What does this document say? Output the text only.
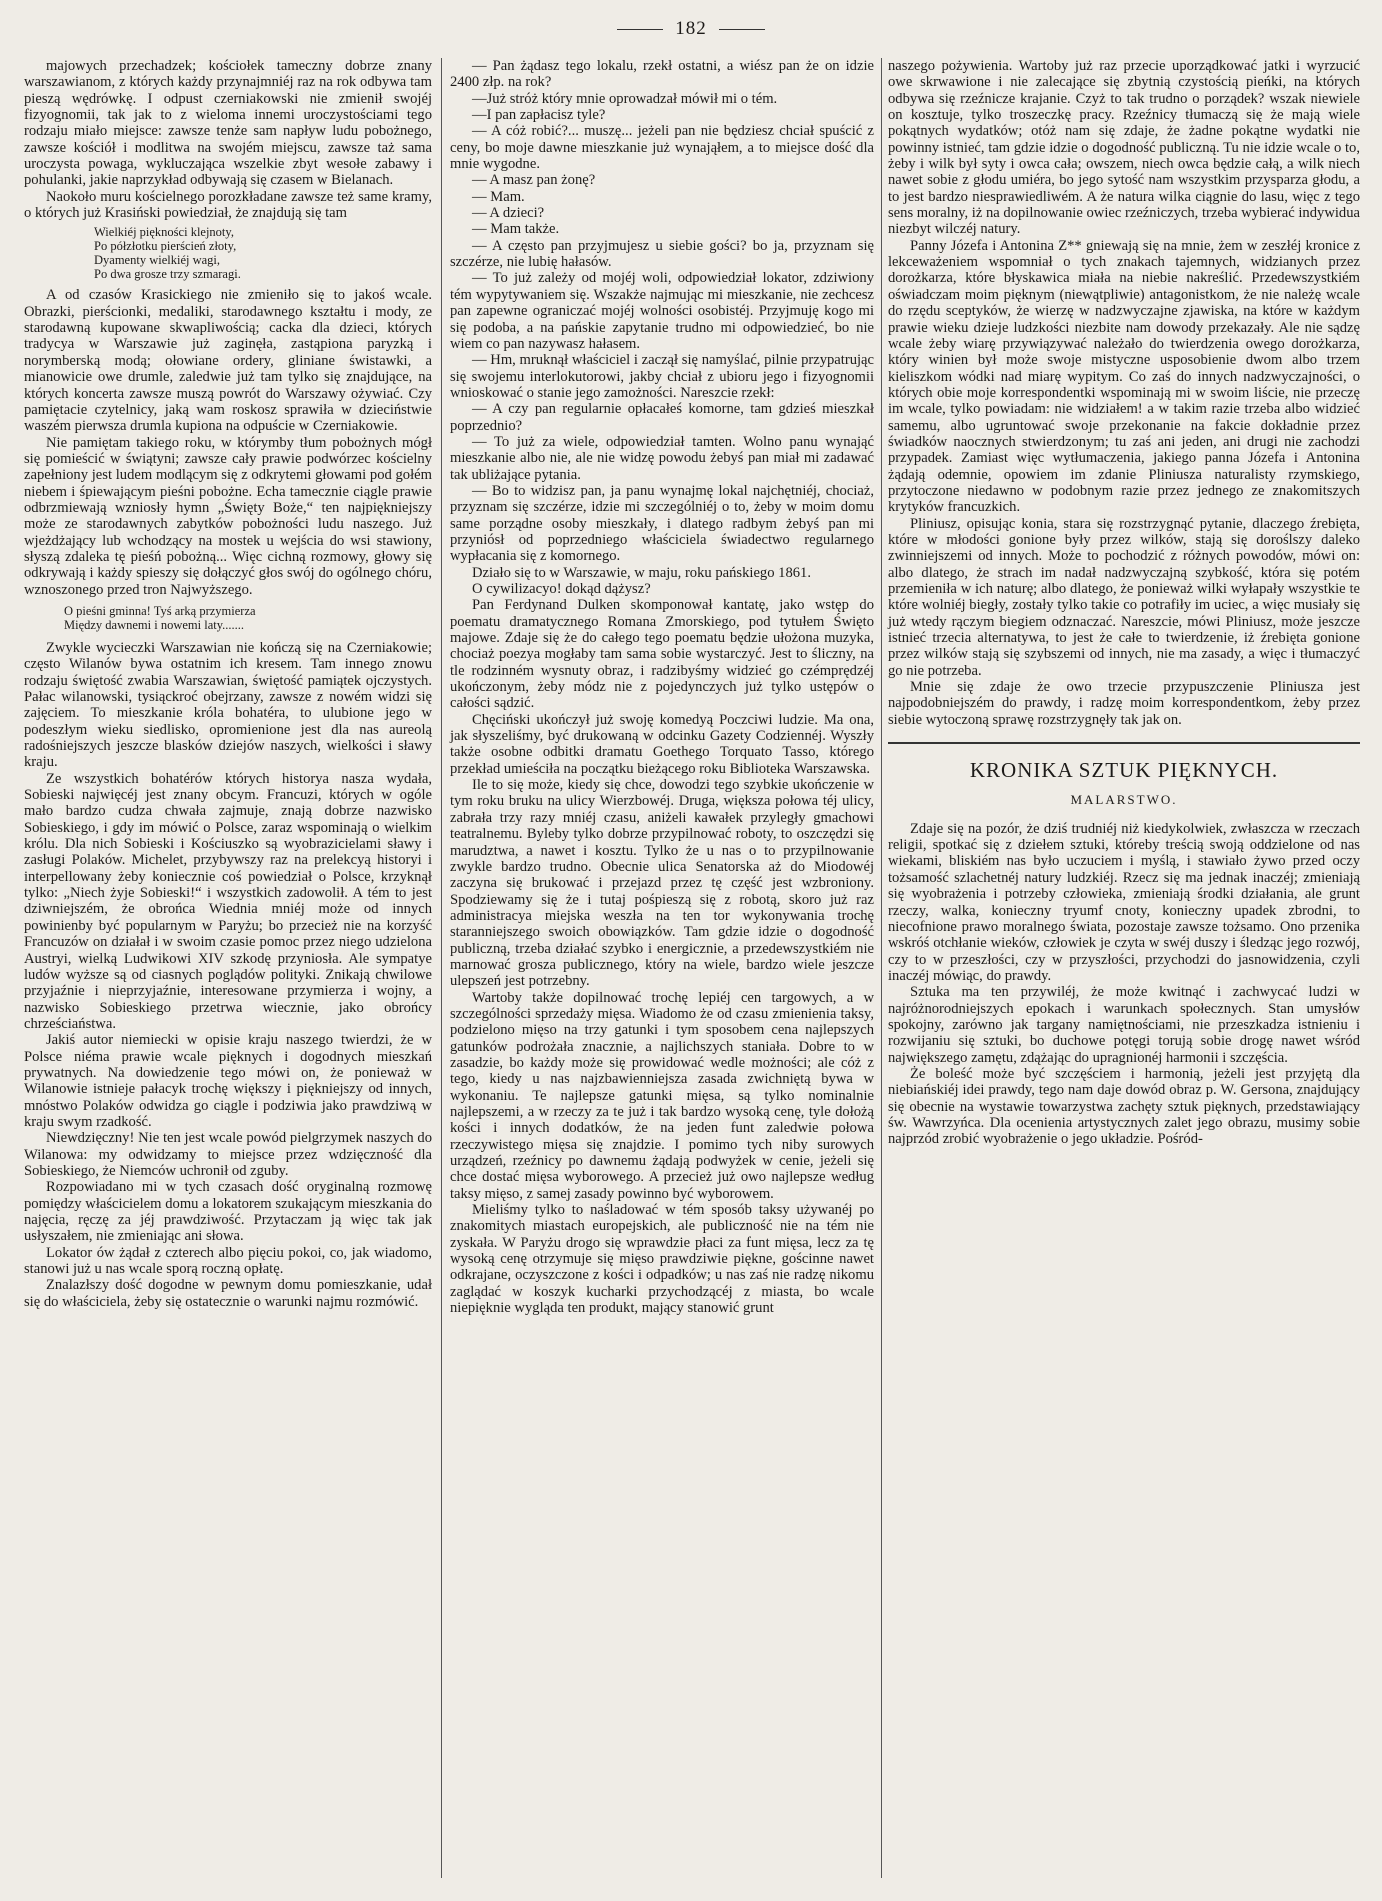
182

majowych przechadzek; kościołek tameczny dobrze znany warszawianom, z których każdy przynajmniéj raz na rok odbywa tam pieszą wędrówkę. I odpust czerniakowski nie zmienił swojéj fizyognomii, tak jak to z wieloma innemi uroczystościami tego rodzaju miało miejsce: zawsze tenże sam napływ ludu pobożnego, zawsze kościół i modlitwa na swojém miejscu, zawsze taż sama uroczysta powaga, wykluczająca wszelkie zbyt wesołe zabawy i pohulanki, jakie naprzykład odbywają się czasem w Bielanach.

Naokoło muru kościelnego porozkładane zawsze też same kramy, o których już Krasiński powiedział, że znajdują się tam

Wielkiéj piękności klejnoty,
Po półzłotku pierścień złoty,
Dyamenty wielkiéj wagi,
Po dwa grosze trzy szmaragi.

A od czasów Krasickiego nie zmieniło się to jakoś wcale. Obrazki, pierścionki, medaliki, starodawnego kształtu i mody, ze starodawną kupowane skwapliwością; cacka dla dzieci, których tradycya w Warszawie już zaginęła, zastąpiona paryzką i norymberską modą; ołowiane ordery, gliniane świstawki, a mianowicie owe drumle, zaledwie już tam tylko się znajdujące, na których koncerta zawsze muszą powrót do Warszawy ożywiać. Czy pamiętacie czytelnicy, jaką wam roskosz sprawiła w dzieciństwie waszém pierwsza drumla kupiona na odpuście w Czerniakowie.

Nie pamiętam takiego roku, w którymby tłum pobożnych mógł się pomieścić w świątyni; zawsze cały prawie podwórzec kościelny zapełniony jest ludem modlącym się z odkrytemi głowami pod gołém niebem i śpiewającym pieśni pobożne. Echa tamecznie ciągle prawie odbrzmiewają wzniosły hymn „Święty Boże,“ ten najpiękniejszy może ze starodawnych zabytków pobożności ludu naszego. Już wjeżdżający lub wchodzący na mostek u wejścia do wsi stawiony, słyszą zdaleka tę pieśń pobożną... Więc cichną rozmowy, głowy się odkrywają i każdy spieszy się dołączyć głos swój do ogólnego chóru, wznoszonego przed tron Najwyższego.

O pieśni gminna! Tyś arką przymierza
Między dawnemi i nowemi laty.......

Zwykle wycieczki Warszawian nie kończą się na Czerniakowie; często Wilanów bywa ostatnim ich kresem. Tam innego znowu rodzaju świętość zwabia Warszawian, świętość pamiątek ojczystych. Pałac wilanowski, tysiąckroć obejrzany, zawsze z nowém widzi się zajęciem. To mieszkanie króla bohatéra, to ulubione jego w podeszłym wieku siedlisko, opromienione jest dla nas aureolą radośniejszych jeszcze blasków dziejów naszych, wielkości i sławy kraju.

Ze wszystkich bohatérów których historya nasza wydała, Sobieski najwięcéj jest znany obcym. Francuzi, których w ogóle mało bardzo cudza chwała zajmuje, znają dobrze nazwisko Sobieskiego, i gdy im mówić o Polsce, zaraz wspominają o wielkim królu. Dla nich Sobieski i Kościuszko są wyobrazicielami sławy i zasługi Polaków. Michelet, przybywszy raz na prelekcyą historyi i interpellowany żeby koniecznie coś powiedział o Polsce, krzyknął tylko: „Niech żyje Sobieski!“ i wszystkich zadowolił. A tém to jest dziwniejszém, że obrońca Wiednia mniéj może od innych powinienby być popularnym w Paryżu; bo przecież nie na korzyść Francuzów on działał i w swoim czasie pomoc przez niego udzielona Austryi, wielką Ludwikowi XIV szkodę przyniosła. Ale sympatye ludów wyższe są od ciasnych poglądów polityki. Znikają chwilowe przyjaźnie i nieprzyjaźnie, interesowane przymierza i wojny, a nazwisko Sobieskiego przetrwa wiecznie, jako obrońcy chrześciaństwa.

Jakiś autor niemiecki w opisie kraju naszego twierdzi, że w Polsce niéma prawie wcale pięknych i dogodnych mieszkań prywatnych. Na dowiedzenie tego mówi on, że ponieważ w Wilanowie istnieje pałacyk trochę większy i piękniejszy od innych, mnóstwo Polaków odwidza go ciągle i podziwia jako prawdziwą w kraju swym rzadkość.

Niewdzięczny! Nie ten jest wcale powód pielgrzymek naszych do Wilanowa: my odwidzamy to miejsce przez wdzięczność dla Sobieskiego, że Niemców uchronił od zguby.

Rozpowiadano mi w tych czasach dość oryginalną rozmowę pomiędzy właścicielem domu a lokatorem szukającym mieszkania do najęcia, ręczę za jéj prawdziwość. Przytaczam ją więc tak jak usłyszałem, nie zmieniając ani słowa.

Lokator ów żądał z czterech albo pięciu pokoi, co, jak wiadomo, stanowi już u nas wcale sporą roczną opłatę.

Znalazłszy dość dogodne w pewnym domu pomieszkanie, udał się do właściciela, żeby się ostatecznie o warunki najmu rozmówić.

— Pan żądasz tego lokalu, rzekł ostatni, a wiész pan że on idzie 2400 złp. na rok?

—Już stróż który mnie oprowadzał mówił mi o tém.

—I pan zapłacisz tyle?

— A cóż robić?... muszę... jeżeli pan nie będziesz chciał spuścić z ceny, bo moje dawne mieszkanie już wynająłem, a to miejsce dość dla mnie wygodne.

— A masz pan żonę?

— Mam.

— A dzieci?

— Mam także.

— A często pan przyjmujesz u siebie gości? bo ja, przyznam się szczérze, nie lubię hałasów.

— To już zależy od mojéj woli, odpowiedział lokator, zdziwiony tém wypytywaniem się. Wszakże najmując mi mieszkanie, nie zechcesz pan zapewne ograniczać mojéj wolności osobistéj. Przyjmuję kogo mi się podoba, a na pańskie zapytanie trudno mi odpowiedzieć, bo nie wiem co pan nazywasz hałasem.

— Hm, mruknął właściciel i zaczął się namyślać, pilnie przypatrując się swojemu interlokutorowi, jakby chciał z ubioru jego i fizyognomii wnioskować o stanie jego zamożności. Nareszcie rzekł:

— A czy pan regularnie opłacałeś komorne, tam gdzieś mieszkał poprzednio?

— To już za wiele, odpowiedział tamten. Wolno panu wynająć mieszkanie albo nie, ale nie widzę powodu żebyś pan miał mi zadawać tak ubliżające pytania.

— Bo to widzisz pan, ja panu wynajmę lokal najchętniéj, chociaż, przyznam się szczérze, idzie mi szczególniéj o to, żeby w moim domu same porządne osoby mieszkały, i dlatego radbym żebyś pan mi przyniósł od poprzedniego właściciela świadectwo regularnego wypłacania się z komornego.

Działo się to w Warszawie, w maju, roku pańskiego 1861.

O cywilizacyo! dokąd dążysz?

Pan Ferdynand Dulken skomponował kantatę, jako wstęp do poematu dramatycznego Romana Zmorskiego, pod tytułem Święto majowe. Zdaje się że do całego tego poematu będzie ułożona muzyka, chociaż poezya mogłaby tam sama sobie wystarczyć. Jest to śliczny, na tle rodzinném wysnuty obraz, i radzibyśmy widzieć go czémprędzéj ukończonym, żeby módz nie z pojedynczych już tylko ustępów o całości sądzić.

Chęciński ukończył już swoję komedyą Poczciwi ludzie. Ma ona, jak słyszeliśmy, być drukowaną w odcinku Gazety Codziennéj. Wyszły także osobne odbitki dramatu Goethego Torquato Tasso, którego przekład umieściła na początku bieżącego roku Biblioteka Warszawska.

Ile to się może, kiedy się chce, dowodzi tego szybkie ukończenie w tym roku bruku na ulicy Wierzbowéj. Druga, większa połowa téj ulicy, zabrała trzy razy mniéj czasu, aniżeli kawałek przyległy gmachowi teatralnemu. Byleby tylko dobrze przypilnować roboty, to oszczędzi się marudztwa, a nawet i kosztu. Tylko że u nas o to przypilnowanie zwykle bardzo trudno. Obecnie ulica Senatorska aż do Miodowéj zaczyna się brukować i przejazd przez tę część jest wzbroniony. Spodziewamy się że i tutaj pośpieszą się z robotą, skoro już raz administracya miejska weszła na ten tor wykonywania trochę staranniejszego swoich obowiązków. Tam gdzie idzie o dogodność publiczną, trzeba działać szybko i energicznie, a przedewszystkiém nie marnować grosza publicznego, który na wiele, bardzo wiele jeszcze ulepszeń jest potrzebny.

Wartoby także dopilnować trochę lepiéj cen targowych, a w szczególności sprzedaży mięsa. Wiadomo że od czasu zmienienia taksy, podzielono mięso na trzy gatunki i tym sposobem cena najlepszych gatunków podrożała znacznie, a najlichszych staniała. Dobre to w zasadzie, bo każdy może się prowidować wedle możności; ale cóż z tego, kiedy u nas najzbawienniejsza zasada zwichniętą bywa w wykonaniu. Te najlepsze gatunki mięsa, są tylko nominalnie najlepszemi, a w rzeczy za te już i tak bardzo wysoką cenę, tyle dołożą kości i innych dodatków, że na jeden funt zaledwie połowa rzeczywistego mięsa się znajdzie. I pomimo tych niby surowych urządzeń, rzeźnicy po dawnemu żądają podwyżek w cenie, jeżeli się chce dostać mięsa wyborowego. A przecież już owo najlepsze według taksy mięso, z samej zasady powinno być wyborowem.

Mieliśmy tylko to naśladować w tém sposób taksy używanéj po znakomitych miastach europejskich, ale publiczność nie na tém nie zyskała. W Paryżu drogo się wprawdzie płaci za funt mięsa, lecz za tę wysoką cenę otrzymuje się mięso prawdziwie piękne, gościnne nawet odkrajane, oczyszczone z kości i odpadków; u nas zaś nie radzę nikomu zaglądać w koszyk kucharki przychodzącéj z miasta, bo wcale niepięknie wygląda ten produkt, mający stanowić grunt

naszego pożywienia. Wartoby już raz przecie uporządkować jatki i wyrzucić owe skrwawione i nie zalecające się zbytnią czystością pieńki, na których odbywa się rzeźnicze krajanie. Czyż to tak trudno o porządek? wszak niewiele on kosztuje, tylko troszeczkę pracy. Rzeźnicy tłumaczą się że mają wiele pokątnych wydatków; otóż nam się zdaje, że żadne pokątne wydatki nie powinny istnieć, tam gdzie idzie o dogodność publiczną. Tu nie idzie wcale o to, żeby i wilk był syty i owca cała; owszem, niech owca będzie całą, a wilk niech nawet sobie z głodu umiéra, bo jego sytość nam wszystkim przysparza głodu, a to jest bardzo niesprawiedliwém. A że natura wilka ciągnie do lasu, więc z tego sens moralny, iż na dopilnowanie owiec rzeźniczych, trzeba wybierać indywidua niezbyt wilczéj natury.

Panny Józefa i Antonina Z** gniewają się na mnie, żem w zeszłéj kronice z lekceważeniem wspomniał o tych znakach tajemnych, widzianych przez dorożkarza, które błyskawica miała na niebie nakreślić. Przedewszystkiém oświadczam moim pięknym (niewątpliwie) antagonistkom, że nie należę wcale do rzędu sceptyków, że wierzę w nadzwyczajne zjawiska, na które w każdym prawie wieku dzieje ludzkości niezbite nam dowody przekazały. Ale nie sądzę wcale żeby wiarę przywiązywać należało do twierdzenia owego dorożkarza, który winien był może swoje mistyczne usposobienie dwom albo trzem kieliszkom wódki nad miarę wypitym. Co zaś do innych nadzwyczajności, o których obie moje korrespondentki wspominają mi w swoim liście, nie przeczę im wcale, tylko powiadam: nie widziałem! a w takim razie trzeba albo widzieć samemu, albo ugruntować swoje przekonanie na fakcie dokładnie przez świadków naocznych stwierdzonym; tu zaś ani jeden, ani drugi nie zachodzi przypadek. Zamiast więc wytłumaczenia, jakiego panna Józefa i Antonina żądają odemnie, opowiem im zdanie Pliniusza naturalisty rzymskiego, przytoczone niedawno w podobnym razie przez jednego ze znakomitszych krytyków francuzkich.

Pliniusz, opisując konia, stara się rozstrzygnąć pytanie, dlaczego źrebięta, które w młodości gonione były przez wilków, stają się doroślszy daleko zwinniejszemi od innych. Może to pochodzić z różnych powodów, mówi on: albo dlatego, że strach im nadał nadzwyczajną szybkość, która się potém przemieniła w ich naturę; albo dlatego, że ponieważ wilki wyłapały wszystkie te które wolniéj biegły, zostały tylko takie co potrafiły im uciec, a więc musiały się już wtedy rączym biegiem odznaczać. Nareszcie, mówi Pliniusz, może jeszcze istnieć trzecia alternatywa, to jest że całe to twierdzenie, iż źrebięta gonione przez wilków stają się szybszemi od innych, nie ma zasady, a więc i tłumaczyć go nie potrzeba.

Mnie się zdaje że owo trzecie przypuszczenie Pliniusza jest najpodobniejszém do prawdy, i radzę moim korrespondentkom, żeby przez siebie wytoczoną sprawę rozstrzygnęły tak jak on.

KRONIKA SZTUK PIĘKNYCH.
MALARSTWO.

Zdaje się na pozór, że dziś trudniéj niż kiedykolwiek, zwłaszcza w rzeczach religii, spotkać się z dziełem sztuki, któreby treścią swoją oddzielone od nas wiekami, bliskiém nas było uczuciem i myślą, i stawiało żywo przed oczy tożsamość szlachetnéj natury ludzkiéj. Rzecz się ma jednak inaczéj; zmieniają się wyobrażenia i potrzeby człowieka, zmieniają środki działania, ale grunt rzeczy, walka, konieczny tryumf cnoty, konieczny upadek zbrodni, to niecofnione prawo moralnego świata, pozostaje zawsze tożsamo. Ono przenika wskróś otchłanie wieków, człowiek je czyta w swéj duszy i śledząc jego rozwój, czy to w przeszłości, czy w przyszłości, przychodzi do jasnowidzenia, czyli inaczéj mówiąc, do prawdy.

Sztuka ma ten przywiléj, że może kwitnąć i zachwycać ludzi w najróżnorodniejszych epokach i warunkach społecznych. Stan umysłów spokojny, zarówno jak targany namiętnościami, nie przeszkadza istnieniu i rozwijaniu się sztuki, bo duchowe potęgi torują sobie drogę nawet wśród największego zamętu, zdążając do upragnionéj harmonii i szczęścia.

Że boleść może być szczęściem i harmonią, jeżeli jest przyjętą dla niebiańskiéj idei prawdy, tego nam daje dowód obraz p. W. Gersona, znajdujący się obecnie na wystawie towarzystwa zachęty sztuk pięknych, przedstawiający św. Wawrzyńca. Dla ocenienia artystycznych zalet jego obrazu, musimy sobie najprzód zrobić wyobrażenie o jego układzie. Pośród-
